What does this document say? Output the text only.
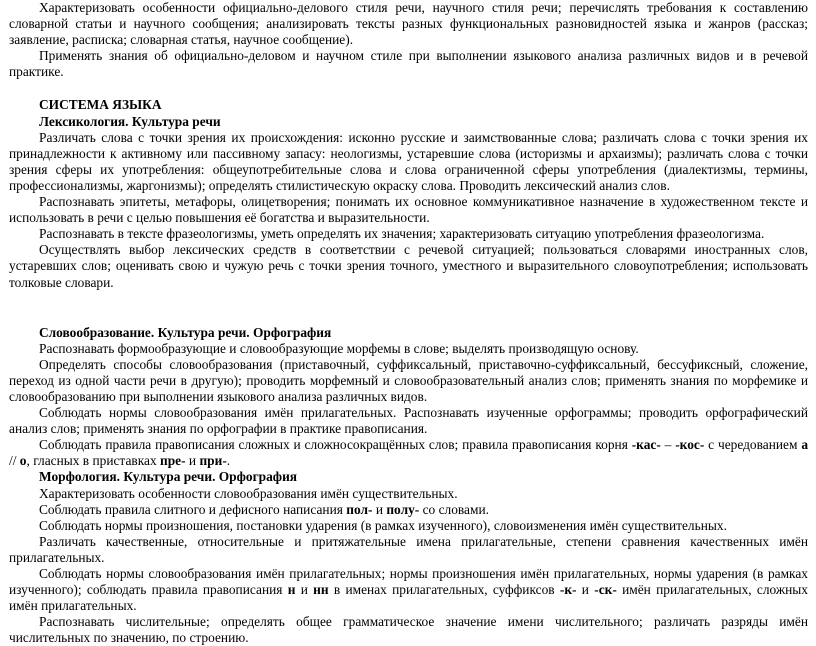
Характеризовать особенности официально-делового стиля речи, научного стиля речи; перечислять требования к составлению словарной статьи и научного сообщения; анализировать тексты разных функциональных разновидностей языка и жанров (рассказ; заявление, расписка; словарная статья, научное сообщение).

Применять знания об официально-деловом и научном стиле при выполнении языкового анализа различных видов и в речевой практике.

СИСТЕМА ЯЗЫКА

Лексикология. Культура речи

Различать слова с точки зрения их происхождения: исконно русские и заимствованные слова; различать слова с точки зрения их принадлежности к активному или пассивному запасу: неологизмы, устаревшие слова (историзмы и архаизмы); различать слова с точки зрения сферы их употребления: общеупотребительные слова и слова ограниченной сферы употребления (диалектизмы, термины, профессионализмы, жаргонизмы); определять стилистическую окраску слова. Проводить лексический анализ слов.

Распознавать эпитеты, метафоры, олицетворения; понимать их основное коммуникативное назначение в художественном тексте и использовать в речи с целью повышения её богатства и выразительности.

Распознавать в тексте фразеологизмы, уметь определять их значения; характеризовать ситуацию употребления фразеологизма.

Осуществлять выбор лексических средств в соответствии с речевой ситуацией; пользоваться словарями иностранных слов, устаревших слов; оценивать свою и чужую речь с точки зрения точного, уместного и выразительного словоупотребления; использовать толковые словари.

Словообразование. Культура речи. Орфография

Распознавать формообразующие и словообразующие морфемы в слове; выделять производящую основу.

Определять способы словообразования (приставочный, суффиксальный, приставочно-суффиксальный, бессуфиксный, сложение, переход из одной части речи в другую); проводить морфемный и словообразовательный анализ слов; применять знания по морфемике и словообразованию при выполнении языкового анализа различных видов.

Соблюдать нормы словообразования имён прилагательных. Распознавать изученные орфограммы; проводить орфографический анализ слов; применять знания по орфографии в практике правописания.

Соблюдать правила правописания сложных и сложносокращённых слов; правила правописания корня -кас- – -кос- с чередованием а // о, гласных в приставках пре- и при-.

Морфология. Культура речи. Орфография

Характеризовать особенности словообразования имён существительных.

Соблюдать правила слитного и дефисного написания пол- и полу- со словами.

Соблюдать нормы произношения, постановки ударения (в рамках изученного), словоизменения имён существительных.

Различать качественные, относительные и притяжательные имена прилагательные, степени сравнения качественных имён прилагательных.

Соблюдать нормы словообразования имён прилагательных; нормы произношения имён прилагательных, нормы ударения (в рамках изученного); соблюдать правила правописания н и нн в именах прилагательных, суффиксов -к- и -ск- имён прилагательных, сложных имён прилагательных.

Распознавать числительные; определять общее грамматическое значение имени числительного; различать разряды имён числительных по значению, по строению.
